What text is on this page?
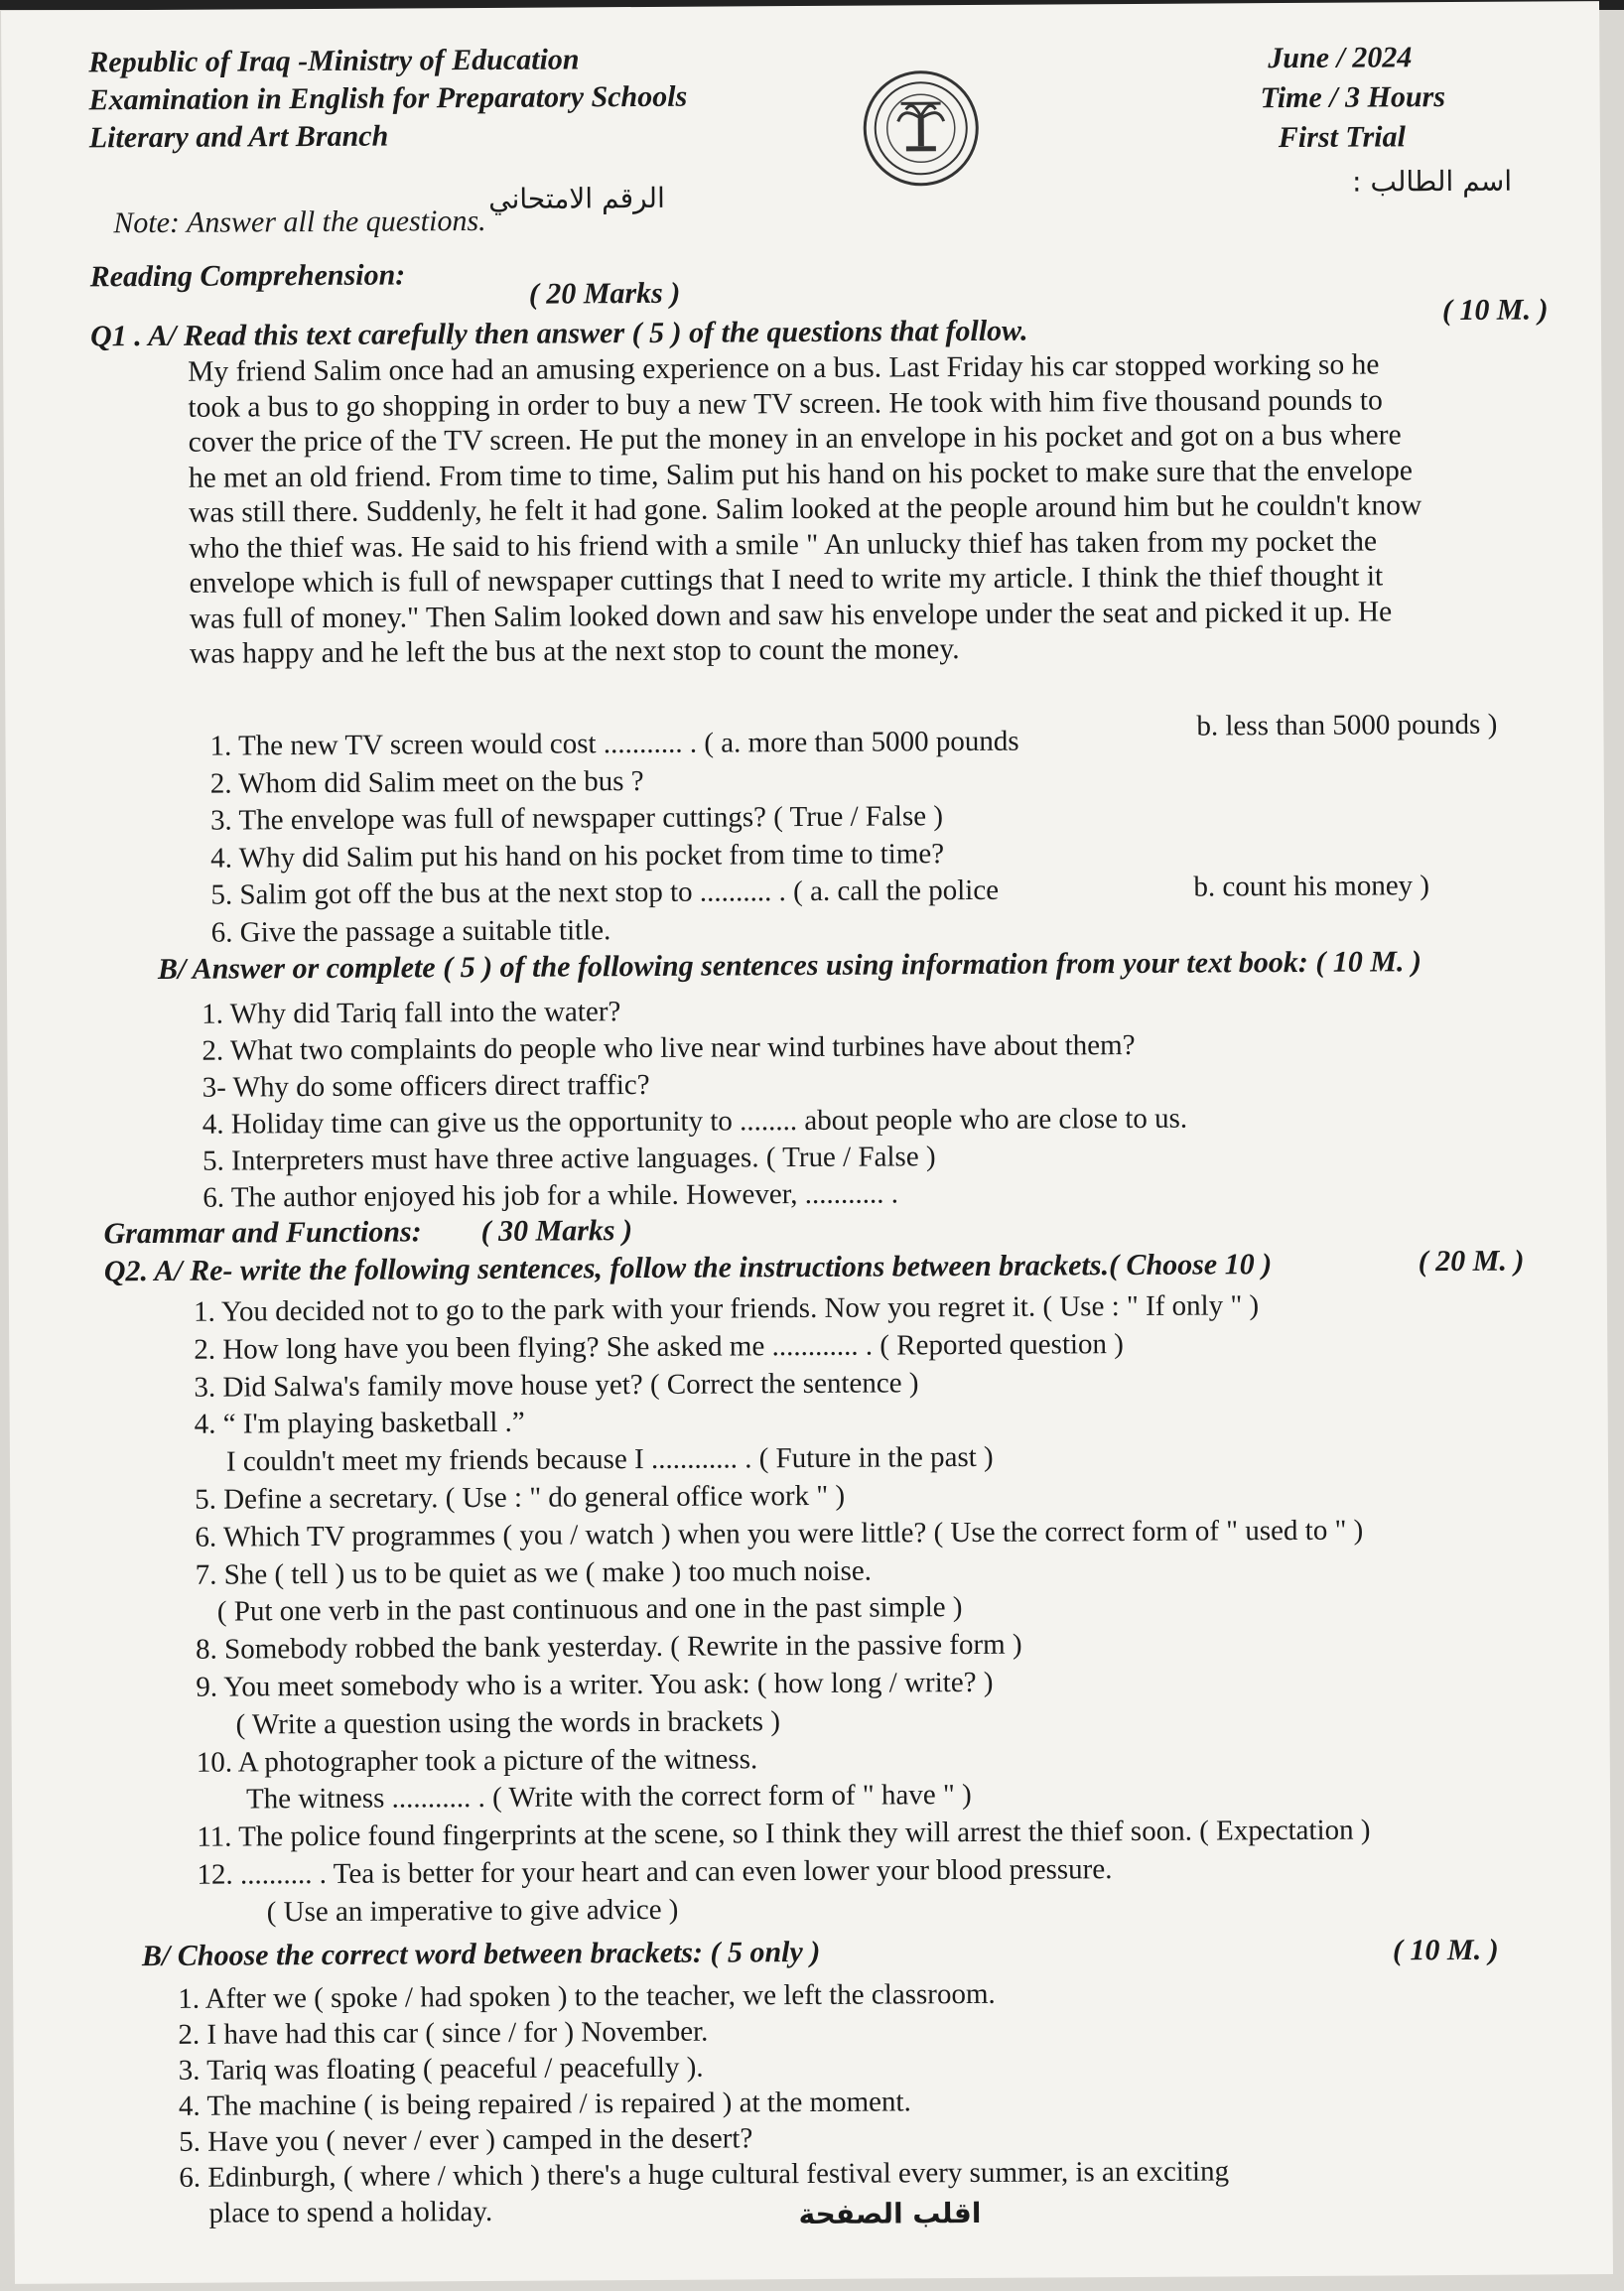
Republic of Iraq -Ministry of Education
Examination in English for Preparatory Schools
Literary and Art Branch
June / 2024
Time / 3 Hours
First Trial
اسم الطالب :
الرقم الامتحاني
Note: Answer all the questions.
Reading Comprehension:
( 20 Marks )
Q1 . A/ Read this text carefully then answer ( 5 ) of the questions that follow.
( 10 M. )
My friend Salim once had an amusing experience on a bus. Last Friday his car stopped working so he
took a bus to go shopping in order to buy a new TV screen. He took with him five thousand pounds to
cover the price of the TV screen. He put the money in an envelope in his pocket and got on a bus where
he met an old friend. From time to time, Salim put his hand on his pocket to make sure that the envelope
was still there. Suddenly, he felt it had gone. Salim looked at the people around him but he couldn't know
who the thief was. He said to his friend with a smile " An unlucky thief has taken from my pocket the
envelope which is full of newspaper cuttings that I need to write my article. I think the thief thought it
was full of money." Then Salim looked down and saw his envelope under the seat and picked it up. He
was happy and he left the bus at the next stop to count the money.
1. The new TV screen would cost ........... . ( a. more than 5000 pounds
2. Whom did Salim meet on the bus ?
3. The envelope was full of newspaper cuttings? ( True / False )
4. Why did Salim put his hand on his pocket from time to time?
5. Salim got off the bus at the next stop to .......... . ( a. call the police
6. Give the passage a suitable title.
b. less than 5000 pounds )
b. count his money )
B/ Answer or complete ( 5 ) of the following sentences using information from your text book: ( 10 M. )
1. Why did Tariq fall into the water?
2. What two complaints do people who live near wind turbines have about them?
3- Why do some officers direct traffic?
4. Holiday time can give us the opportunity to ........ about people who are close to us.
5. Interpreters must have three active languages. ( True / False )
6. The author enjoyed his job for a while. However, ........... .
Grammar and Functions: ( 30 Marks )
Q2. A/ Re- write the following sentences, follow the instructions between brackets.( Choose 10 )	( 20 M. )
1. You decided not to go to the park with your friends. Now you regret it. ( Use : " If only " )
2. How long have you been flying? She asked me ............ . ( Reported question )
3. Did Salwa's family move house yet? ( Correct the sentence )
4. “ I'm playing basketball .”
I couldn't meet my friends because I ............ . ( Future in the past )
5. Define a secretary. ( Use : " do general office work " )
6. Which TV programmes ( you / watch ) when you were little? ( Use the correct form of " used to " )
7. She ( tell ) us to be quiet as we ( make ) too much noise.
( Put one verb in the past continuous and one in the past simple )
8. Somebody robbed the bank yesterday. ( Rewrite in the passive form )
9. You meet somebody who is a writer. You ask: ( how long / write? )
( Write a question using the words in brackets )
10. A photographer took a picture of the witness.
The witness ........... . ( Write with the correct form of " have " )
11. The police found fingerprints at the scene, so I think they will arrest the thief soon. ( Expectation )
12. .......... . Tea is better for your heart and can even lower your blood pressure.
( Use an imperative to give advice )
B/ Choose the correct word between brackets: ( 5 only )	( 10 M. )
1. After we ( spoke / had spoken ) to the teacher, we left the classroom.
2. I have had this car ( since / for ) November.
3. Tariq was floating ( peaceful / peacefully ).
4. The machine ( is being repaired / is repaired ) at the moment.
5. Have you ( never / ever ) camped in the desert?
6. Edinburgh, ( where / which ) there's a huge cultural festival every summer, is an exciting
place to spend a holiday.	اقلب الصفحة
